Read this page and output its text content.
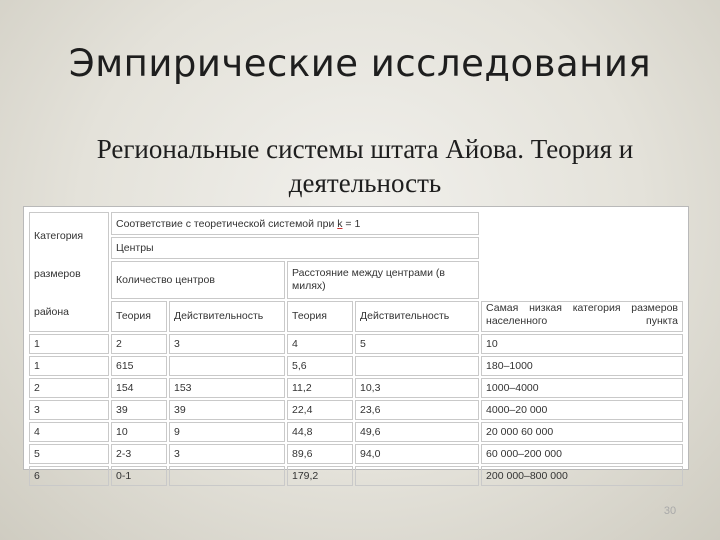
Эмпирические исследования
Региональные системы штата Айова. Теория и деятельность
Категория
размеров
района	Соответствие с теоретической системой при k = 1				
	Центры				
	Количество центров		Расстояние между центрами (в милях)		
	Теория	Действительность	Теория	Действительность	Самая низкая категория размеров населенного пункта
1	2	3	4	5	10
1	615		5,6		180–1000
2	154	153	11,2	10,3	1000–4000
3	39	39	22,4	23,6	4000–20 000
4	10	9	44,8	49,6	20 000 60 000
5	2-3	3	89,6	94,0	60 000–200 000
6	0-1		179,2		200 000–800 000
30
